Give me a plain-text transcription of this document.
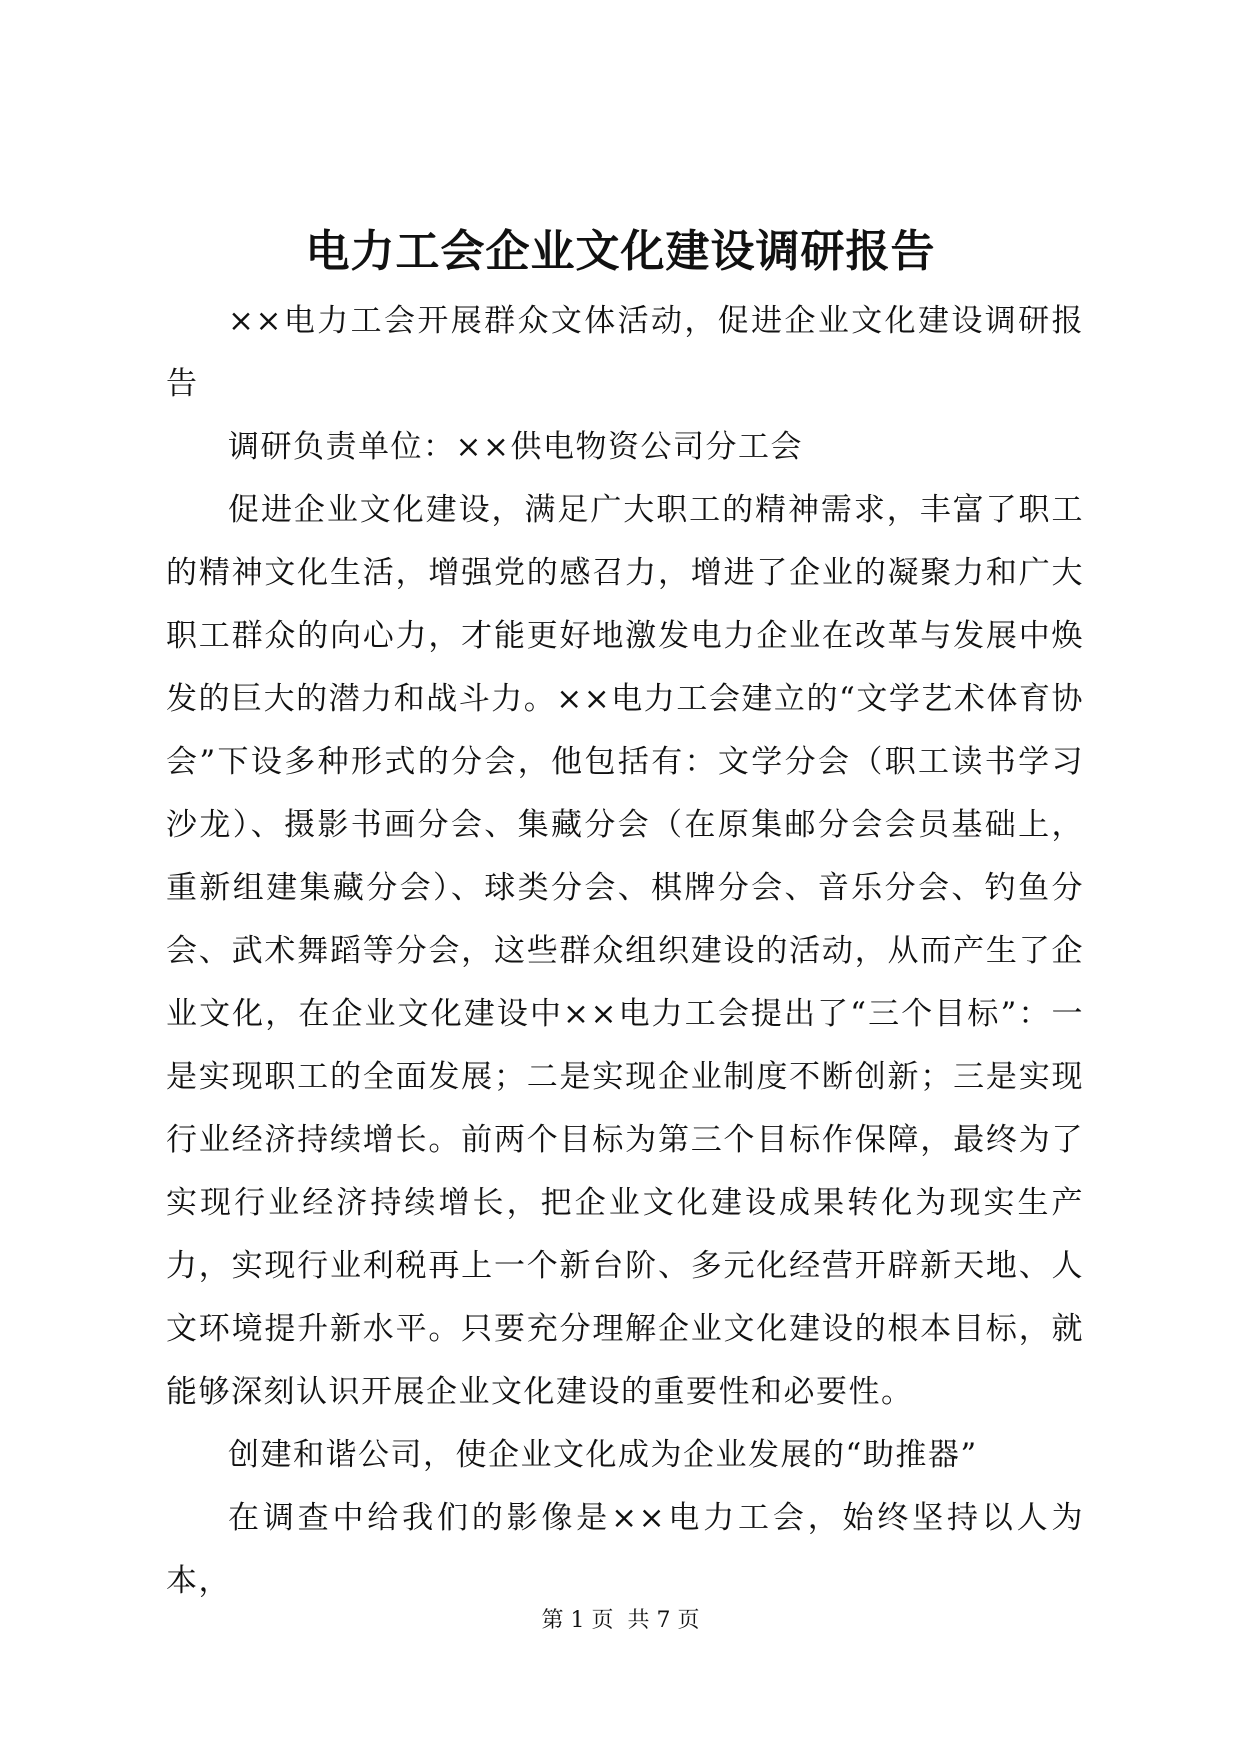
电力工会企业文化建设调研报告

××电力工会开展群众文体活动，促进企业文化建设调研报告

调研负责单位：××供电物资公司分工会

促进企业文化建设，满足广大职工的精神需求，丰富了职工的精神文化生活，增强党的感召力，增进了企业的凝聚力和广大职工群众的向心力，才能更好地激发电力企业在改革与发展中焕发的巨大的潜力和战斗力。××电力工会建立的“文学艺术体育协会”下设多种形式的分会，他包括有：文学分会（职工读书学习沙龙）、摄影书画分会、集藏分会（在原集邮分会会员基础上，重新组建集藏分会）、球类分会、棋牌分会、音乐分会、钓鱼分会、武术舞蹈等分会，这些群众组织建设的活动，从而产生了企业文化，在企业文化建设中××电力工会提出了“三个目标”：一是实现职工的全面发展；二是实现企业制度不断创新；三是实现行业经济持续增长。前两个目标为第三个目标作保障，最终为了实现行业经济持续增长，把企业文化建设成果转化为现实生产力，实现行业利税再上一个新台阶、多元化经营开辟新天地、人文环境提升新水平。只要充分理解企业文化建设的根本目标，就能够深刻认识开展企业文化建设的重要性和必要性。

创建和谐公司，使企业文化成为企业发展的“助推器”

在调查中给我们的影像是××电力工会，始终坚持以人为本，

第 1 页 共 7 页
